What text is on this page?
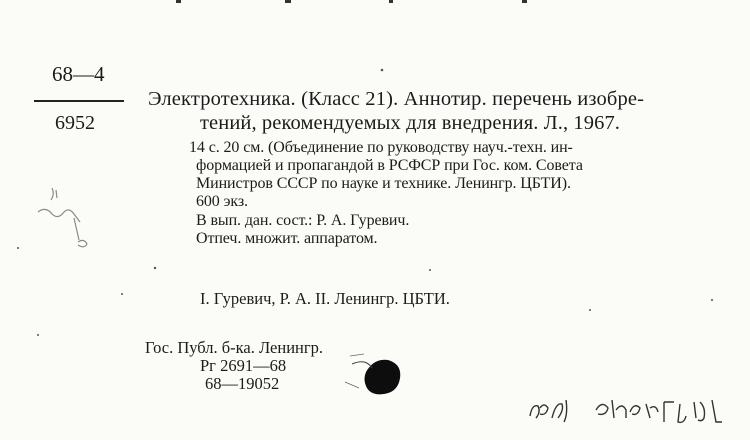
68—4
6952
Электротехника. (Класс 21). Аннотир. перечень изобре-
тений, рекомендуемых для внедрения. Л., 1967.
14 с. 20 см. (Объединение по руководству науч.-техн. ин-
формацией и пропагандой в РСФСР при Гос. ком. Совета
Министров СССР по науке и технике. Ленингр. ЦБТИ).
600 экз.
В вып. дан. сост.: Р. А. Гуревич.
Отпеч. множит. аппаратом.
I. Гуревич, Р. А. II. Ленингр. ЦБТИ.
Гос. Публ. б-ка. Ленингр.
Рг 2691—68
68—19052
